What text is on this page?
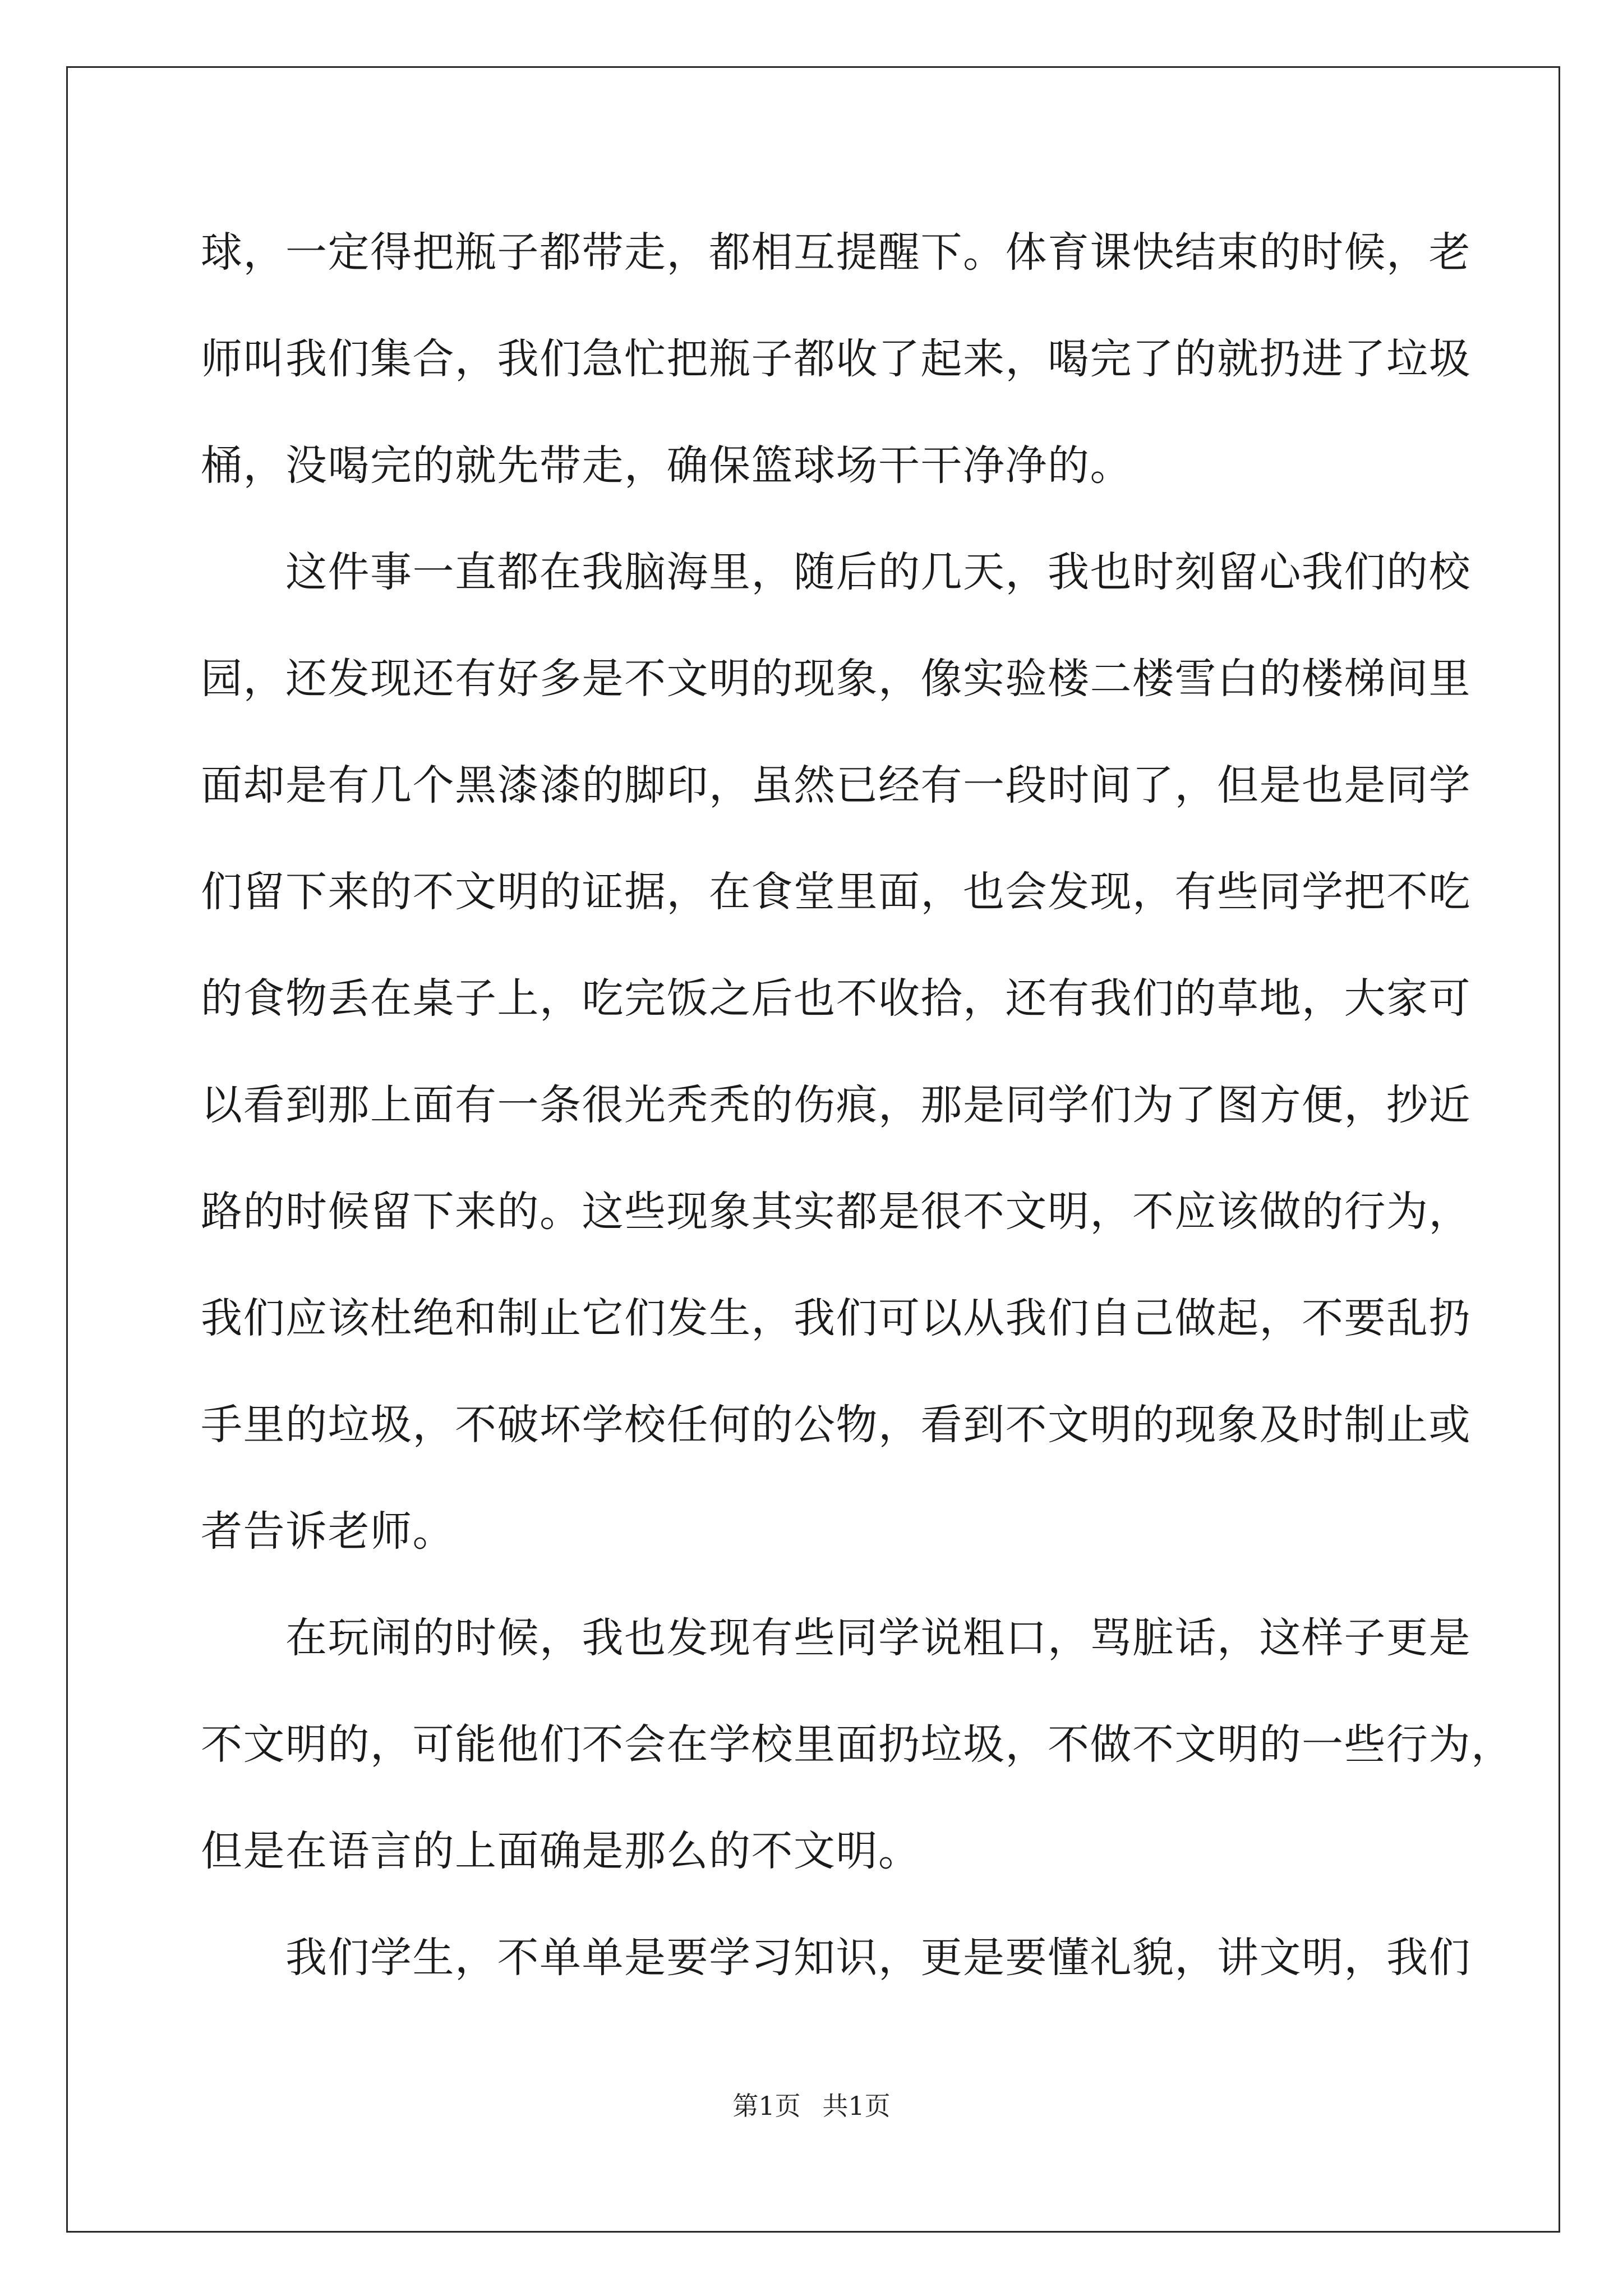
球，一定得把瓶子都带走，都相互提醒下。体育课快结束的时候，老
师叫我们集合，我们急忙把瓶子都收了起来，喝完了的就扔进了垃圾
桶，没喝完的就先带走，确保篮球场干干净净的。
　　这件事一直都在我脑海里，随后的几天，我也时刻留心我们的校
园，还发现还有好多是不文明的现象，像实验楼二楼雪白的楼梯间里
面却是有几个黑漆漆的脚印，虽然已经有一段时间了，但是也是同学
们留下来的不文明的证据，在食堂里面，也会发现，有些同学把不吃
的食物丢在桌子上，吃完饭之后也不收拾，还有我们的草地，大家可
以看到那上面有一条很光秃秃的伤痕，那是同学们为了图方便，抄近
路的时候留下来的。这些现象其实都是很不文明，不应该做的行为，
我们应该杜绝和制止它们发生，我们可以从我们自己做起，不要乱扔
手里的垃圾，不破坏学校任何的公物，看到不文明的现象及时制止或
者告诉老师。
　　在玩闹的时候，我也发现有些同学说粗口，骂脏话，这样子更是
不文明的，可能他们不会在学校里面扔垃圾，不做不文明的一些行为，
但是在语言的上面确是那么的不文明。
　　我们学生，不单单是要学习知识，更是要懂礼貌，讲文明，我们
第1页 共1页
